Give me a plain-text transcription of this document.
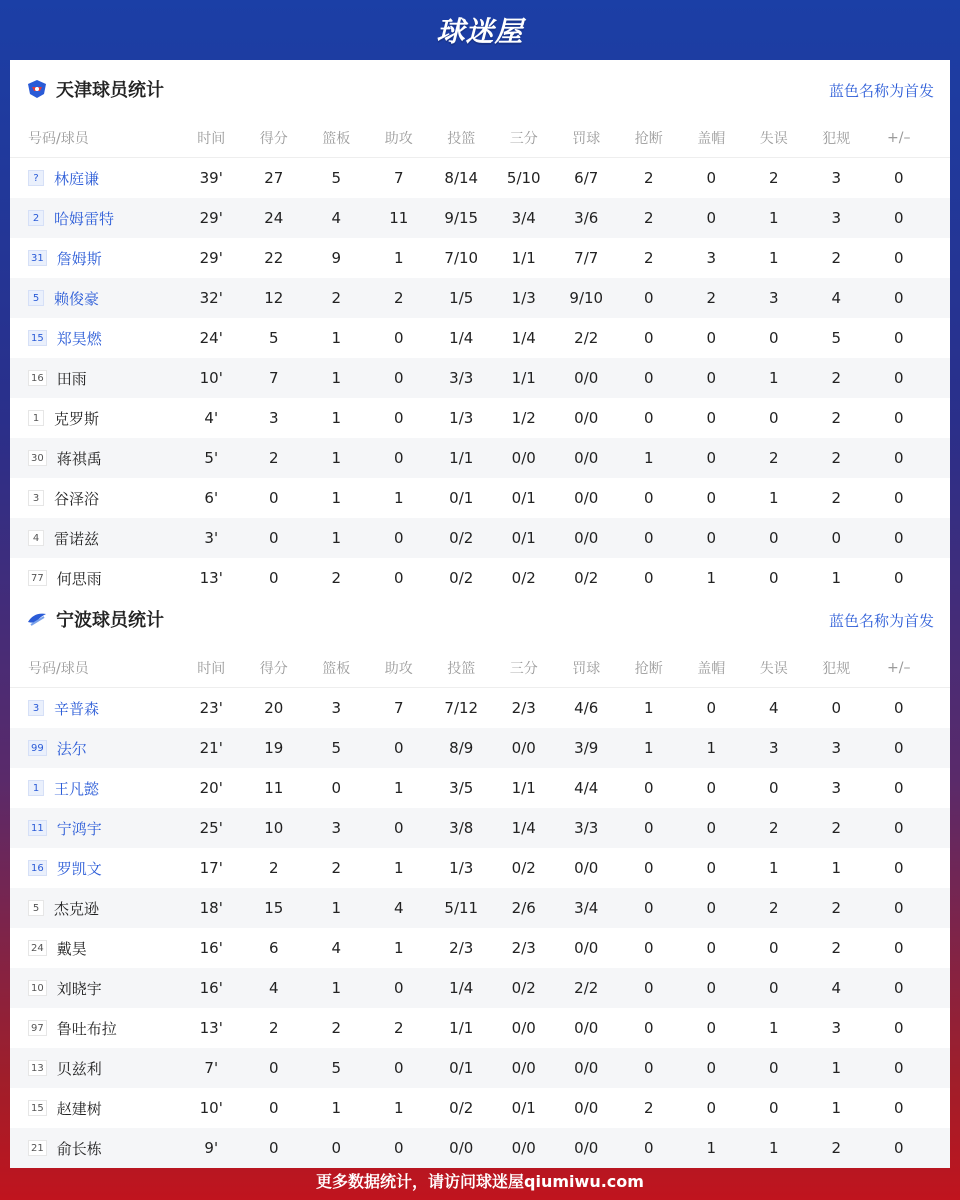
球迷屋
天津球员统计	蓝色名称为首发
号码/球员	时间	得分	篮板	助攻	投篮	三分	罚球	抢断	盖帽	失误	犯规	+/–
?	林庭谦	39'	27	5	7	8/14	5/10	6/7	2	0	2	3	0
2 哈姆雷特	29'	24	4	11	9/15	3/4	3/6	2	0	1	3	0
31 詹姆斯	29'	22	9	1	7/10	1/1	7/7	2	3	1	2	0
5 赖俊豪	32'	12	2	2	1/5	1/3	9/10	0	2	3	4	0
15 郑昊燃	24'	5	1	0	1/4	1/4	2/2	0	0	0	5	0
16 田雨	10'	7	1	0	3/3	1/1	0/0	0	0	1	2	0
1 克罗斯	4'	3	1	0	1/3	1/2	0/0	0	0	0	2	0
30 蒋祺禹	5'	2	1	0	1/1	0/0	0/0	1	0	2	2	0
3 谷泽浴	6'	0	1	1	0/1	0/1	0/0	0	0	1	2	0
4 雷诺兹	3'	0	1	0	0/2	0/1	0/0	0	0	0	0	0
77 何思雨	13'	0	2	0	0/2	0/2	0/2	0	1	0	1	0
宁波球员统计	蓝色名称为首发
号码/球员	时间	得分	篮板	助攻	投篮	三分	罚球	抢断	盖帽	失误	犯规	+/–
3 辛普森	23'	20	3	7	7/12	2/3	4/6	1	0	4	0	0
99 法尔	21'	19	5	0	8/9	0/0	3/9	1	1	3	3	0
1 王凡懿	20'	11	0	1	3/5	1/1	4/4	0	0	0	3	0
11 宁鸿宇	25'	10	3	0	3/8	1/4	3/3	0	0	2	2	0
16 罗凯文	17'	2	2	1	1/3	0/2	0/0	0	0	1	1	0
5 杰克逊	18'	15	1	4	5/11	2/6	3/4	0	0	2	2	0
24 戴昊	16'	6	4	1	2/3	2/3	0/0	0	0	0	2	0
10 刘晓宇	16'	4	1	0	1/4	0/2	2/2	0	0	0	4	0
97 鲁吐布拉	13'	2	2	2	1/1	0/0	0/0	0	0	1	3	0
13 贝兹利	7'	0	5	0	0/1	0/0	0/0	0	0	0	1	0
15 赵建树	10'	0	1	1	0/2	0/1	0/0	2	0	0	1	0
21 俞长栋	9'	0	0	0	0/0	0/0	0/0	0	1	1	2	0
更多数据统计，请访问球迷屋qiumiwu.com
